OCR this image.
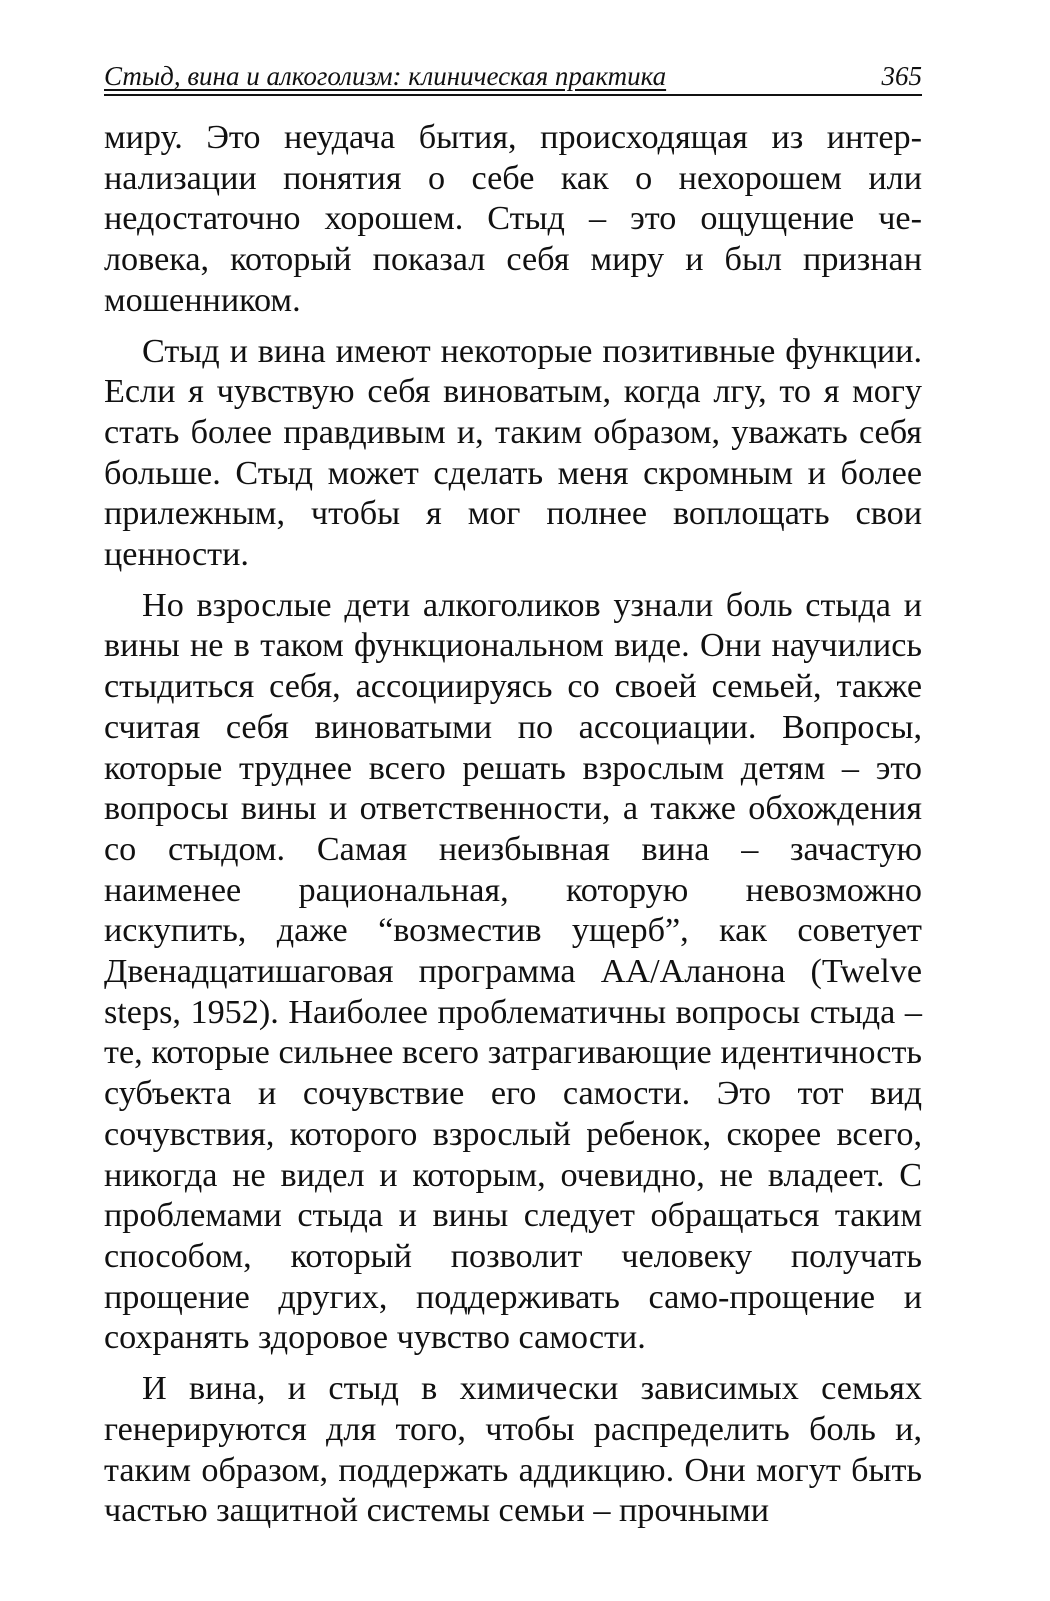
Стыд, вина и алкоголизм: клиническая практика	365

миру. Это неудача бытия, происходящая из интернализации понятия о себе как о нехорошем или недостаточно хорошем. Стыд – это ощущение человека, который показал себя миру и был признан мошенником.

Стыд и вина имеют некоторые позитивные функции. Если я чувствую себя виноватым, когда лгу, то я могу стать более правдивым и, таким образом, уважать себя больше. Стыд может сделать меня скромным и более прилежным, чтобы я мог полнее воплощать свои ценности.

Но взрослые дети алкоголиков узнали боль стыда и вины не в таком функциональном виде. Они научились стыдиться себя, ассоциируясь со своей семьей, также считая себя виноватыми по ассоциации. Вопросы, которые труднее всего решать взрослым детям – это вопросы вины и ответственности, а также обхождения со стыдом. Самая неизбывная вина – зачастую наименее рациональная, которую невозможно искупить, даже “возместив ущерб”, как советует Двенадцатишаговая программа АА/Аланона (Twelve steps, 1952). Наиболее проблематичны вопросы стыда – те, которые сильнее всего затрагивающие идентичность субъекта и сочувствие его самости. Это тот вид сочувствия, которого взрослый ребенок, скорее всего, никогда не видел и которым, очевидно, не владеет. С проблемами стыда и вины следует обращаться таким способом, который позволит человеку получать прощение других, поддерживать само-прощение и сохранять здоровое чувство самости.

И вина, и стыд в химически зависимых семьях генерируются для того, чтобы распределить боль и, таким образом, поддержать аддикцию. Они могут быть частью защитной системы семьи – прочными
